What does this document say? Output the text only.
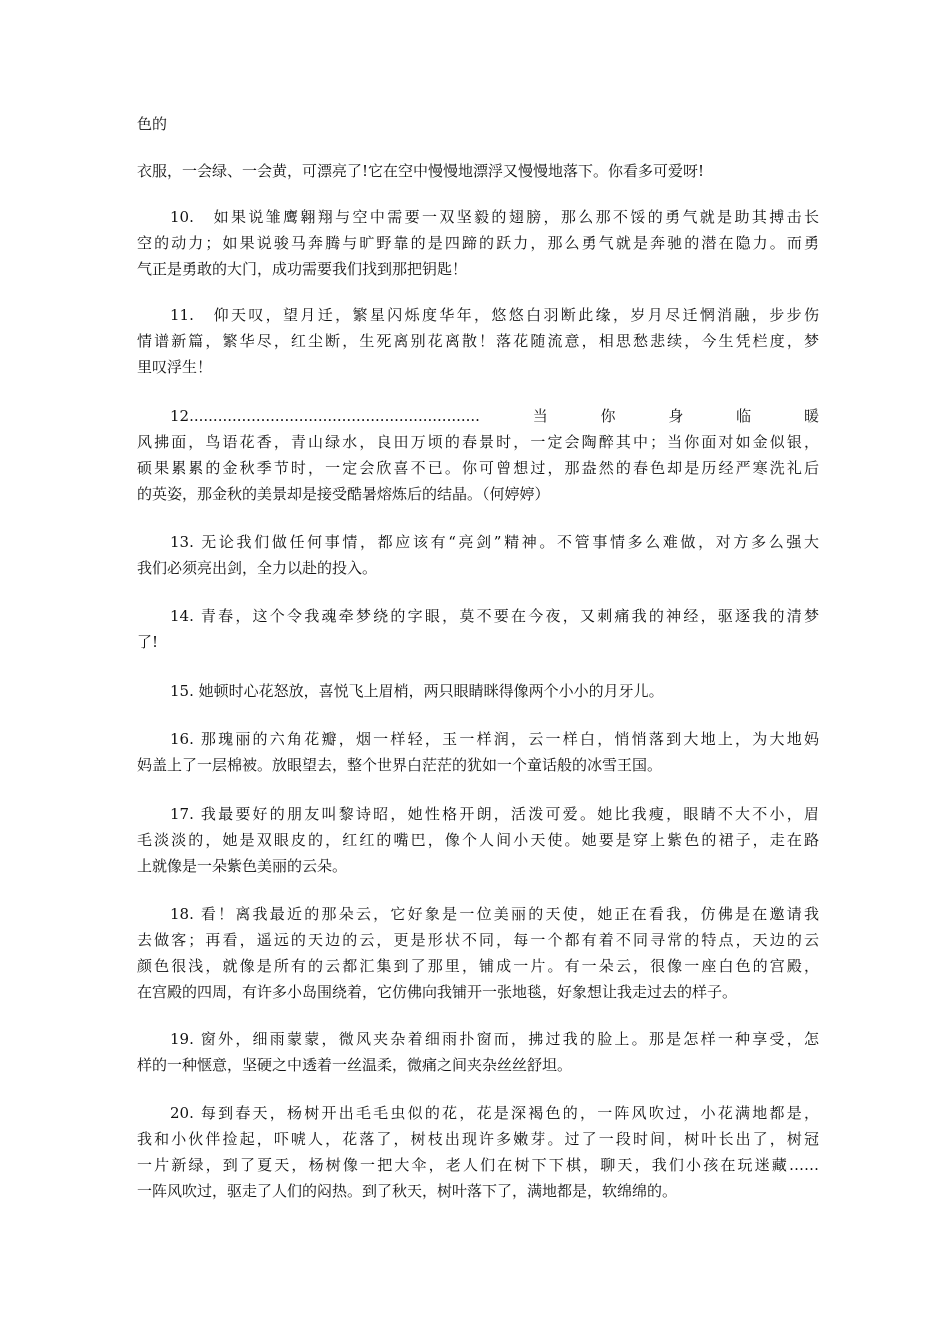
色的
衣服，一会绿、一会黄，可漂亮了!它在空中慢慢地漂浮又慢慢地落下。你看多可爱呀!
10.　如果说雏鹰翱翔与空中需要一双坚毅的翅膀，那么那不馁的勇气就是助其搏击长
空的动力；如果说骏马奔腾与旷野靠的是四蹄的跃力，那么勇气就是奔驰的潜在隐力。而勇
气正是勇敢的大门，成功需要我们找到那把钥匙！
11.　仰天叹，望月迁，繁星闪烁度华年，悠悠白羽断此缘，岁月尽迁惘消融，步步伤
情谱新篇，繁华尽，红尘断，生死离别花离散！落花随流意，相思愁悲续，今生凭栏度，梦
里叹浮生！
12.............................................................当你身临暖
风拂面，鸟语花香，青山绿水，良田万顷的春景时，一定会陶醉其中；当你面对如金似银，
硕果累累的金秋季节时，一定会欣喜不已。你可曾想过，那盎然的春色却是历经严寒洗礼后
的英姿，那金秋的美景却是接受酷暑熔炼后的结晶。（何婷婷）
13. 无论我们做任何事情，都应该有“亮剑”精神。不管事情多么难做，对方多么强大
我们必须亮出剑，全力以赴的投入。
14. 青春，这个令我魂牵梦绕的字眼，莫不要在今夜，又刺痛我的神经，驱逐我的清梦
了!
15. 她顿时心花怒放，喜悦飞上眉梢，两只眼睛眯得像两个小小的月牙儿。
16. 那瑰丽的六角花瓣，烟一样轻，玉一样润，云一样白，悄悄落到大地上，为大地妈
妈盖上了一层棉被。放眼望去，整个世界白茫茫的犹如一个童话般的冰雪王国。
17. 我最要好的朋友叫黎诗昭，她性格开朗，活泼可爱。她比我瘦，眼睛不大不小，眉
毛淡淡的，她是双眼皮的，红红的嘴巴，像个人间小天使。她要是穿上紫色的裙子，走在路
上就像是一朵紫色美丽的云朵。
18. 看！离我最近的那朵云，它好象是一位美丽的天使，她正在看我，仿佛是在邀请我
去做客；再看，遥远的天边的云，更是形状不同，每一个都有着不同寻常的特点，天边的云
颜色很浅，就像是所有的云都汇集到了那里，铺成一片。有一朵云，很像一座白色的宫殿，
在宫殿的四周，有许多小岛围绕着，它仿佛向我铺开一张地毯，好象想让我走过去的样子。
19. 窗外，细雨蒙蒙，微风夹杂着细雨扑窗而，拂过我的脸上。那是怎样一种享受，怎
样的一种惬意，坚硬之中透着一丝温柔，微痛之间夹杂丝丝舒坦。
20. 每到春天，杨树开出毛毛虫似的花，花是深褐色的，一阵风吹过，小花满地都是，
我和小伙伴捡起，吓唬人，花落了，树枝出现许多嫩芽。过了一段时间，树叶长出了，树冠
一片新绿，到了夏天，杨树像一把大伞，老人们在树下下棋，聊天，我们小孩在玩迷藏……
一阵风吹过，驱走了人们的闷热。到了秋天，树叶落下了，满地都是，软绵绵的。
